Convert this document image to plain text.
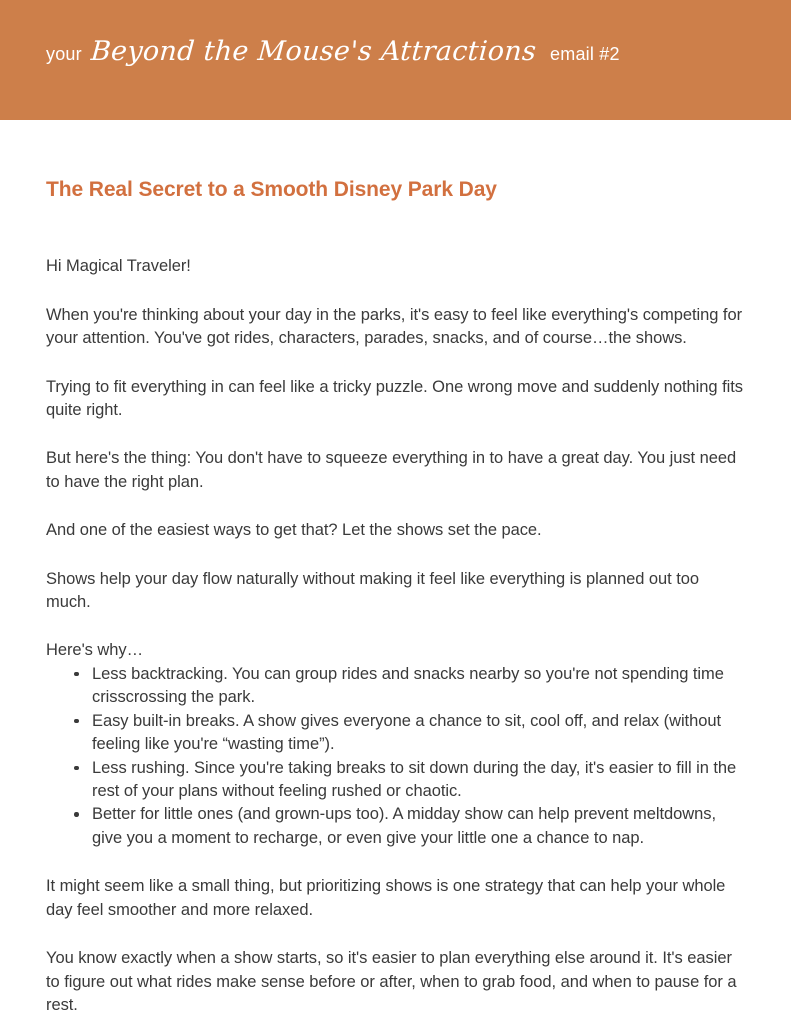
your Beyond the Mouse's Attractions email #2
The Real Secret to a Smooth Disney Park Day

Hi Magical Traveler!

When you're thinking about your day in the parks, it's easy to feel like everything's competing for your attention. You've got rides, characters, parades, snacks, and of course…the shows.

Trying to fit everything in can feel like a tricky puzzle. One wrong move and suddenly nothing fits quite right.

But here's the thing: You don't have to squeeze everything in to have a great day. You just need to have the right plan.

And one of the easiest ways to get that? Let the shows set the pace.

Shows help your day flow naturally without making it feel like everything is planned out too much.

Here's why…

Less backtracking. You can group rides and snacks nearby so you're not spending time crisscrossing the park.
Easy built-in breaks. A show gives everyone a chance to sit, cool off, and relax (without feeling like you're “wasting time”).
Less rushing. Since you're taking breaks to sit down during the day, it's easier to fill in the rest of your plans without feeling rushed or chaotic.
Better for little ones (and grown-ups too). A midday show can help prevent meltdowns, give you a moment to recharge, or even give your little one a chance to nap.

It might seem like a small thing, but prioritizing shows is one strategy that can help your whole day feel smoother and more relaxed.

You know exactly when a show starts, so it's easier to plan everything else around it. It's easier to figure out what rides make sense before or after, when to grab food, and when to pause for a rest.
